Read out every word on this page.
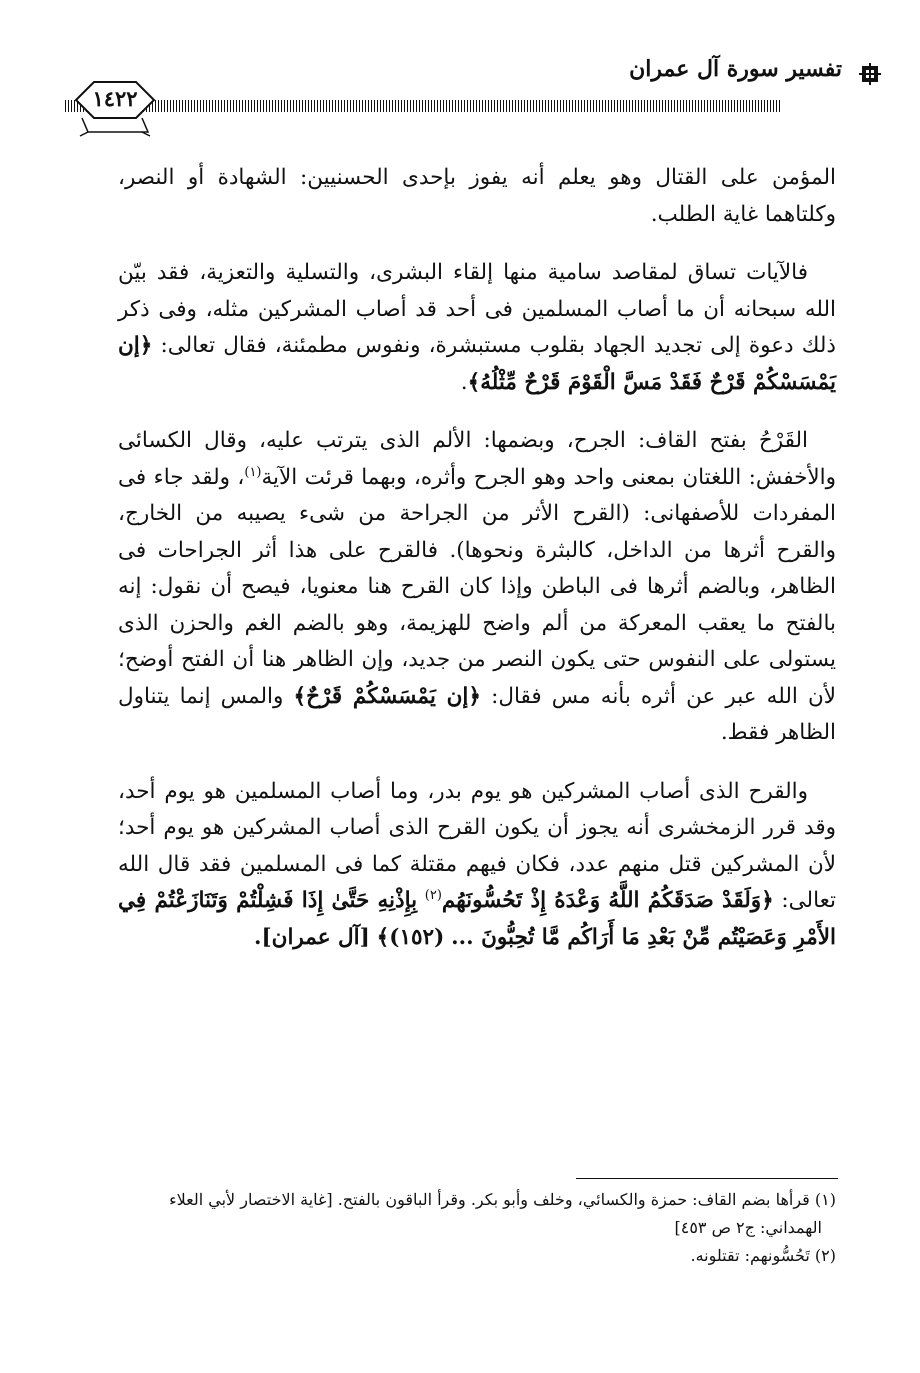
تفسير سورة آل عمران
١٤٢٢

المؤمن على القتال وهو يعلم أنه يفوز بإحدى الحسنيين: الشهادة أو النصر، وكلتاهما غاية الطلب.

فالآيات تساق لمقاصد سامية منها إلقاء البشرى، والتسلية والتعزية، فقد بيّن الله سبحانه أن ما أصاب المسلمين فى أحد قد أصاب المشركين مثله، وفى ذكر ذلك دعوة إلى تجديد الجهاد بقلوب مستبشرة، ونفوس مطمئنة، فقال تعالى: ﴿إن يَمْسَسْكُمْ قَرْحٌ فَقَدْ مَسَّ الْقَوْمَ قَرْحٌ مِّثْلُهُ﴾.

القَرْحُ بفتح القاف: الجرح، وبضمها: الألم الذى يترتب عليه، وقال الكسائى والأخفش: اللغتان بمعنى واحد وهو الجرح وأثره، وبهما قرئت الآية$^{(١)}$، ولقد جاء فى المفردات للأصفهانى: (القرح الأثر من الجراحة من شىء يصيبه من الخارج، والقرح أثرها من الداخل، كالبثرة ونحوها). فالقرح على هذا أثر الجراحات فى الظاهر، وبالضم أثرها فى الباطن وإذا كان القرح هنا معنويا، فيصح أن نقول: إنه بالفتح ما يعقب المعركة من ألم واضح للهزيمة، وهو بالضم الغم والحزن الذى يستولى على النفوس حتى يكون النصر من جديد، وإن الظاهر هنا أن الفتح أوضح؛ لأن الله عبر عن أثره بأنه مس فقال: ﴿إن يَمْسَسْكُمْ قَرْحٌ﴾ والمس إنما يتناول الظاهر فقط.

والقرح الذى أصاب المشركين هو يوم بدر، وما أصاب المسلمين هو يوم أحد، وقد قرر الزمخشرى أنه يجوز أن يكون القرح الذى أصاب المشركين هو يوم أحد؛ لأن المشركين قتل منهم عدد، فكان فيهم مقتلة كما فى المسلمين فقد قال الله تعالى: ﴿وَلَقَدْ صَدَقَكُمُ اللَّهُ وَعْدَهُ إِذْ تَحُسُّونَهُم$^{(٢)}$ بِإِذْنِهِ حَتَّىٰ إِذَا فَشِلْتُمْ وَتَنَازَعْتُمْ فِي الأَمْرِ وَعَصَيْتُم مِّنْ بَعْدِ مَا أَرَاكُم مَّا تُحِبُّونَ ... (١٥٢)﴾ [آل عمران].

(١) قرأها بضم القاف: حمزة والكسائي، وخلف وأبو بكر. وقرأ الباقون بالفتح. [غاية الاختصار لأبي العلاء
الهمداني: ج٢ ص ٤٥٣]
(٢) تَحُسُّونهم: تقتلونه.
